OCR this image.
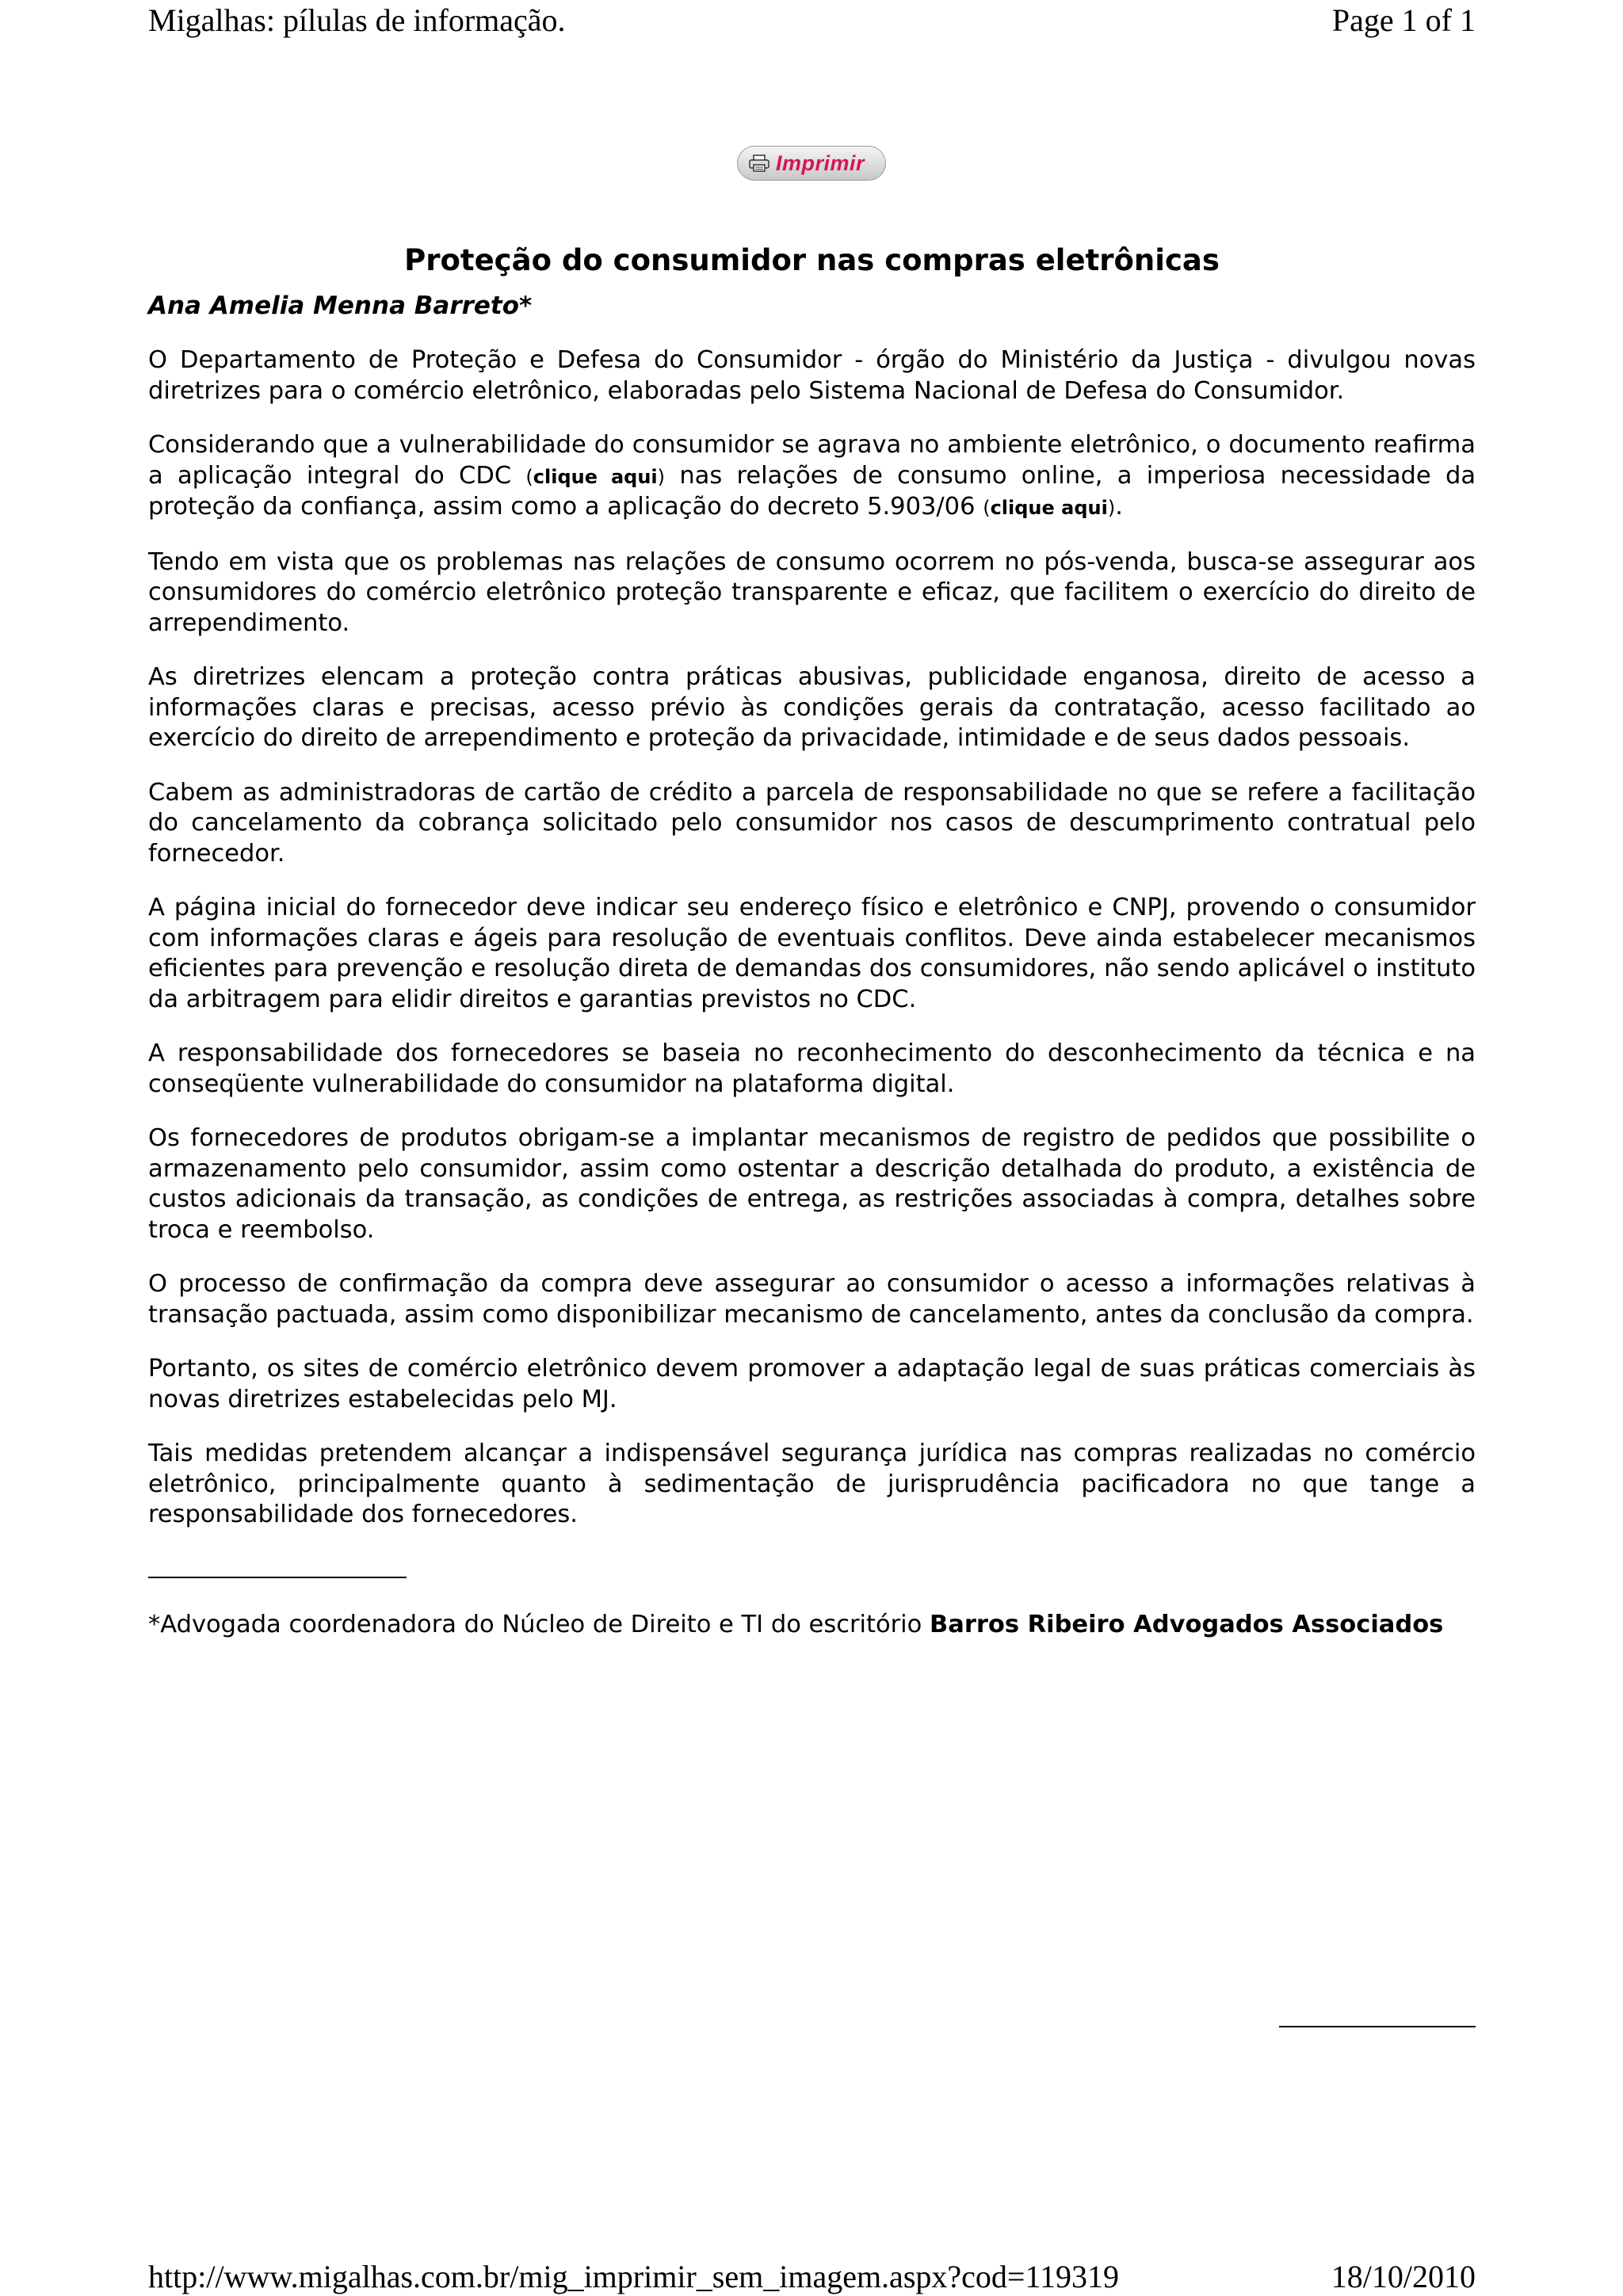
Migalhas: pílulas de informação.	Page 1 of 1
Imprimir
Proteção do consumidor nas compras eletrônicas

Ana Amelia Menna Barreto*

O Departamento de Proteção e Defesa do Consumidor - órgão do Ministério da Justiça - divulgou novas diretrizes para o comércio eletrônico, elaboradas pelo Sistema Nacional de Defesa do Consumidor.

Considerando que a vulnerabilidade do consumidor se agrava no ambiente eletrônico, o documento reafirma a aplicação integral do CDC (clique aqui) nas relações de consumo online, a imperiosa necessidade da proteção da confiança, assim como a aplicação do decreto 5.903/06 (clique aqui).

Tendo em vista que os problemas nas relações de consumo ocorrem no pós-venda, busca-se assegurar aos consumidores do comércio eletrônico proteção transparente e eficaz, que facilitem o exercício do direito de arrependimento.

As diretrizes elencam a proteção contra práticas abusivas, publicidade enganosa, direito de acesso a informações claras e precisas, acesso prévio às condições gerais da contratação, acesso facilitado ao exercício do direito de arrependimento e proteção da privacidade, intimidade e de seus dados pessoais.

Cabem as administradoras de cartão de crédito a parcela de responsabilidade no que se refere a facilitação do cancelamento da cobrança solicitado pelo consumidor nos casos de descumprimento contratual pelo fornecedor.

A página inicial do fornecedor deve indicar seu endereço físico e eletrônico e CNPJ, provendo o consumidor com informações claras e ágeis para resolução de eventuais conflitos. Deve ainda estabelecer mecanismos eficientes para prevenção e resolução direta de demandas dos consumidores, não sendo aplicável o instituto da arbitragem para elidir direitos e garantias previstos no CDC.

A responsabilidade dos fornecedores se baseia no reconhecimento do desconhecimento da técnica e na conseqüente vulnerabilidade do consumidor na plataforma digital.

Os fornecedores de produtos obrigam-se a implantar mecanismos de registro de pedidos que possibilite o armazenamento pelo consumidor, assim como ostentar a descrição detalhada do produto, a existência de custos adicionais da transação, as condições de entrega, as restrições associadas à compra, detalhes sobre troca e reembolso.

O processo de confirmação da compra deve assegurar ao consumidor o acesso a informações relativas à transação pactuada, assim como disponibilizar mecanismo de cancelamento, antes da conclusão da compra.

Portanto, os sites de comércio eletrônico devem promover a adaptação legal de suas práticas comerciais às novas diretrizes estabelecidas pelo MJ.

Tais medidas pretendem alcançar a indispensável segurança jurídica nas compras realizadas no comércio eletrônico, principalmente quanto à sedimentação de jurisprudência pacificadora no que tange a responsabilidade dos fornecedores.

*Advogada coordenadora do Núcleo de Direito e TI do escritório Barros Ribeiro Advogados Associados

http://www.migalhas.com.br/mig_imprimir_sem_imagem.aspx?cod=119319	18/10/2010
